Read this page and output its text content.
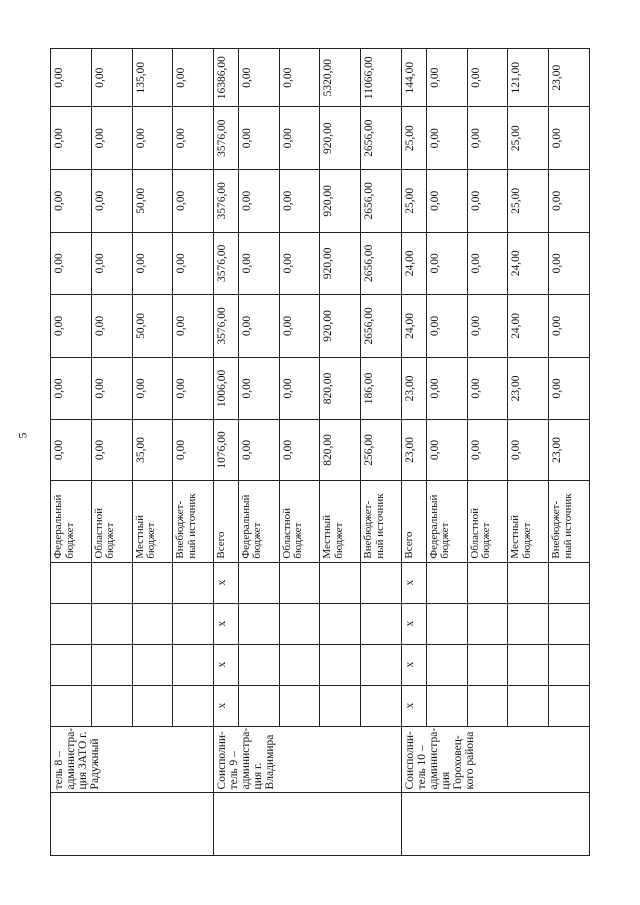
5
	тель 8 – администра-ция ЗАТО г. Радужный					Федеральный бюджет	0,00	0,00	0,00	0,00	0,00	0,00	0,00
						Областной бюджет	0,00	0,00	0,00	0,00	0,00	0,00	0,00
						Местный бюджет	35,00	0,00	50,00	0,00	50,00	0,00	135,00
						Внебюджет-ный источник	0,00	0,00	0,00	0,00	0,00	0,00	0,00
	Соисполни-тель 9 – администра-ция г. Владимира	x	x	x	x	Всего	1076,00	1006,00	3576,00	3576,00	3576,00	3576,00	16386,00
						Федеральный бюджет	0,00	0,00	0,00	0,00	0,00	0,00	0,00
						Областной бюджет	0,00	0,00	0,00	0,00	0,00	0,00	0,00
						Местный бюджет	820,00	820,00	920,00	920,00	920,00	920,00	5320,00
						Внебюджет-ный источник	256,00	186,00	2656,00	2656,00	2656,00	2656,00	11066,00
	Соисполни-тель 10 – администра-ция Гороховец-кого района	x	x	x	x	Всего	23,00	23,00	24,00	24,00	25,00	25,00	144,00
						Федеральный бюджет	0,00	0,00	0,00	0,00	0,00	0,00	0,00
						Областной бюджет	0,00	0,00	0,00	0,00	0,00	0,00	0,00
						Местный бюджет	0,00	23,00	24,00	24,00	25,00	25,00	121,00
						Внебюджет-ный источник	23,00	0,00	0,00	0,00	0,00	0,00	23,00
